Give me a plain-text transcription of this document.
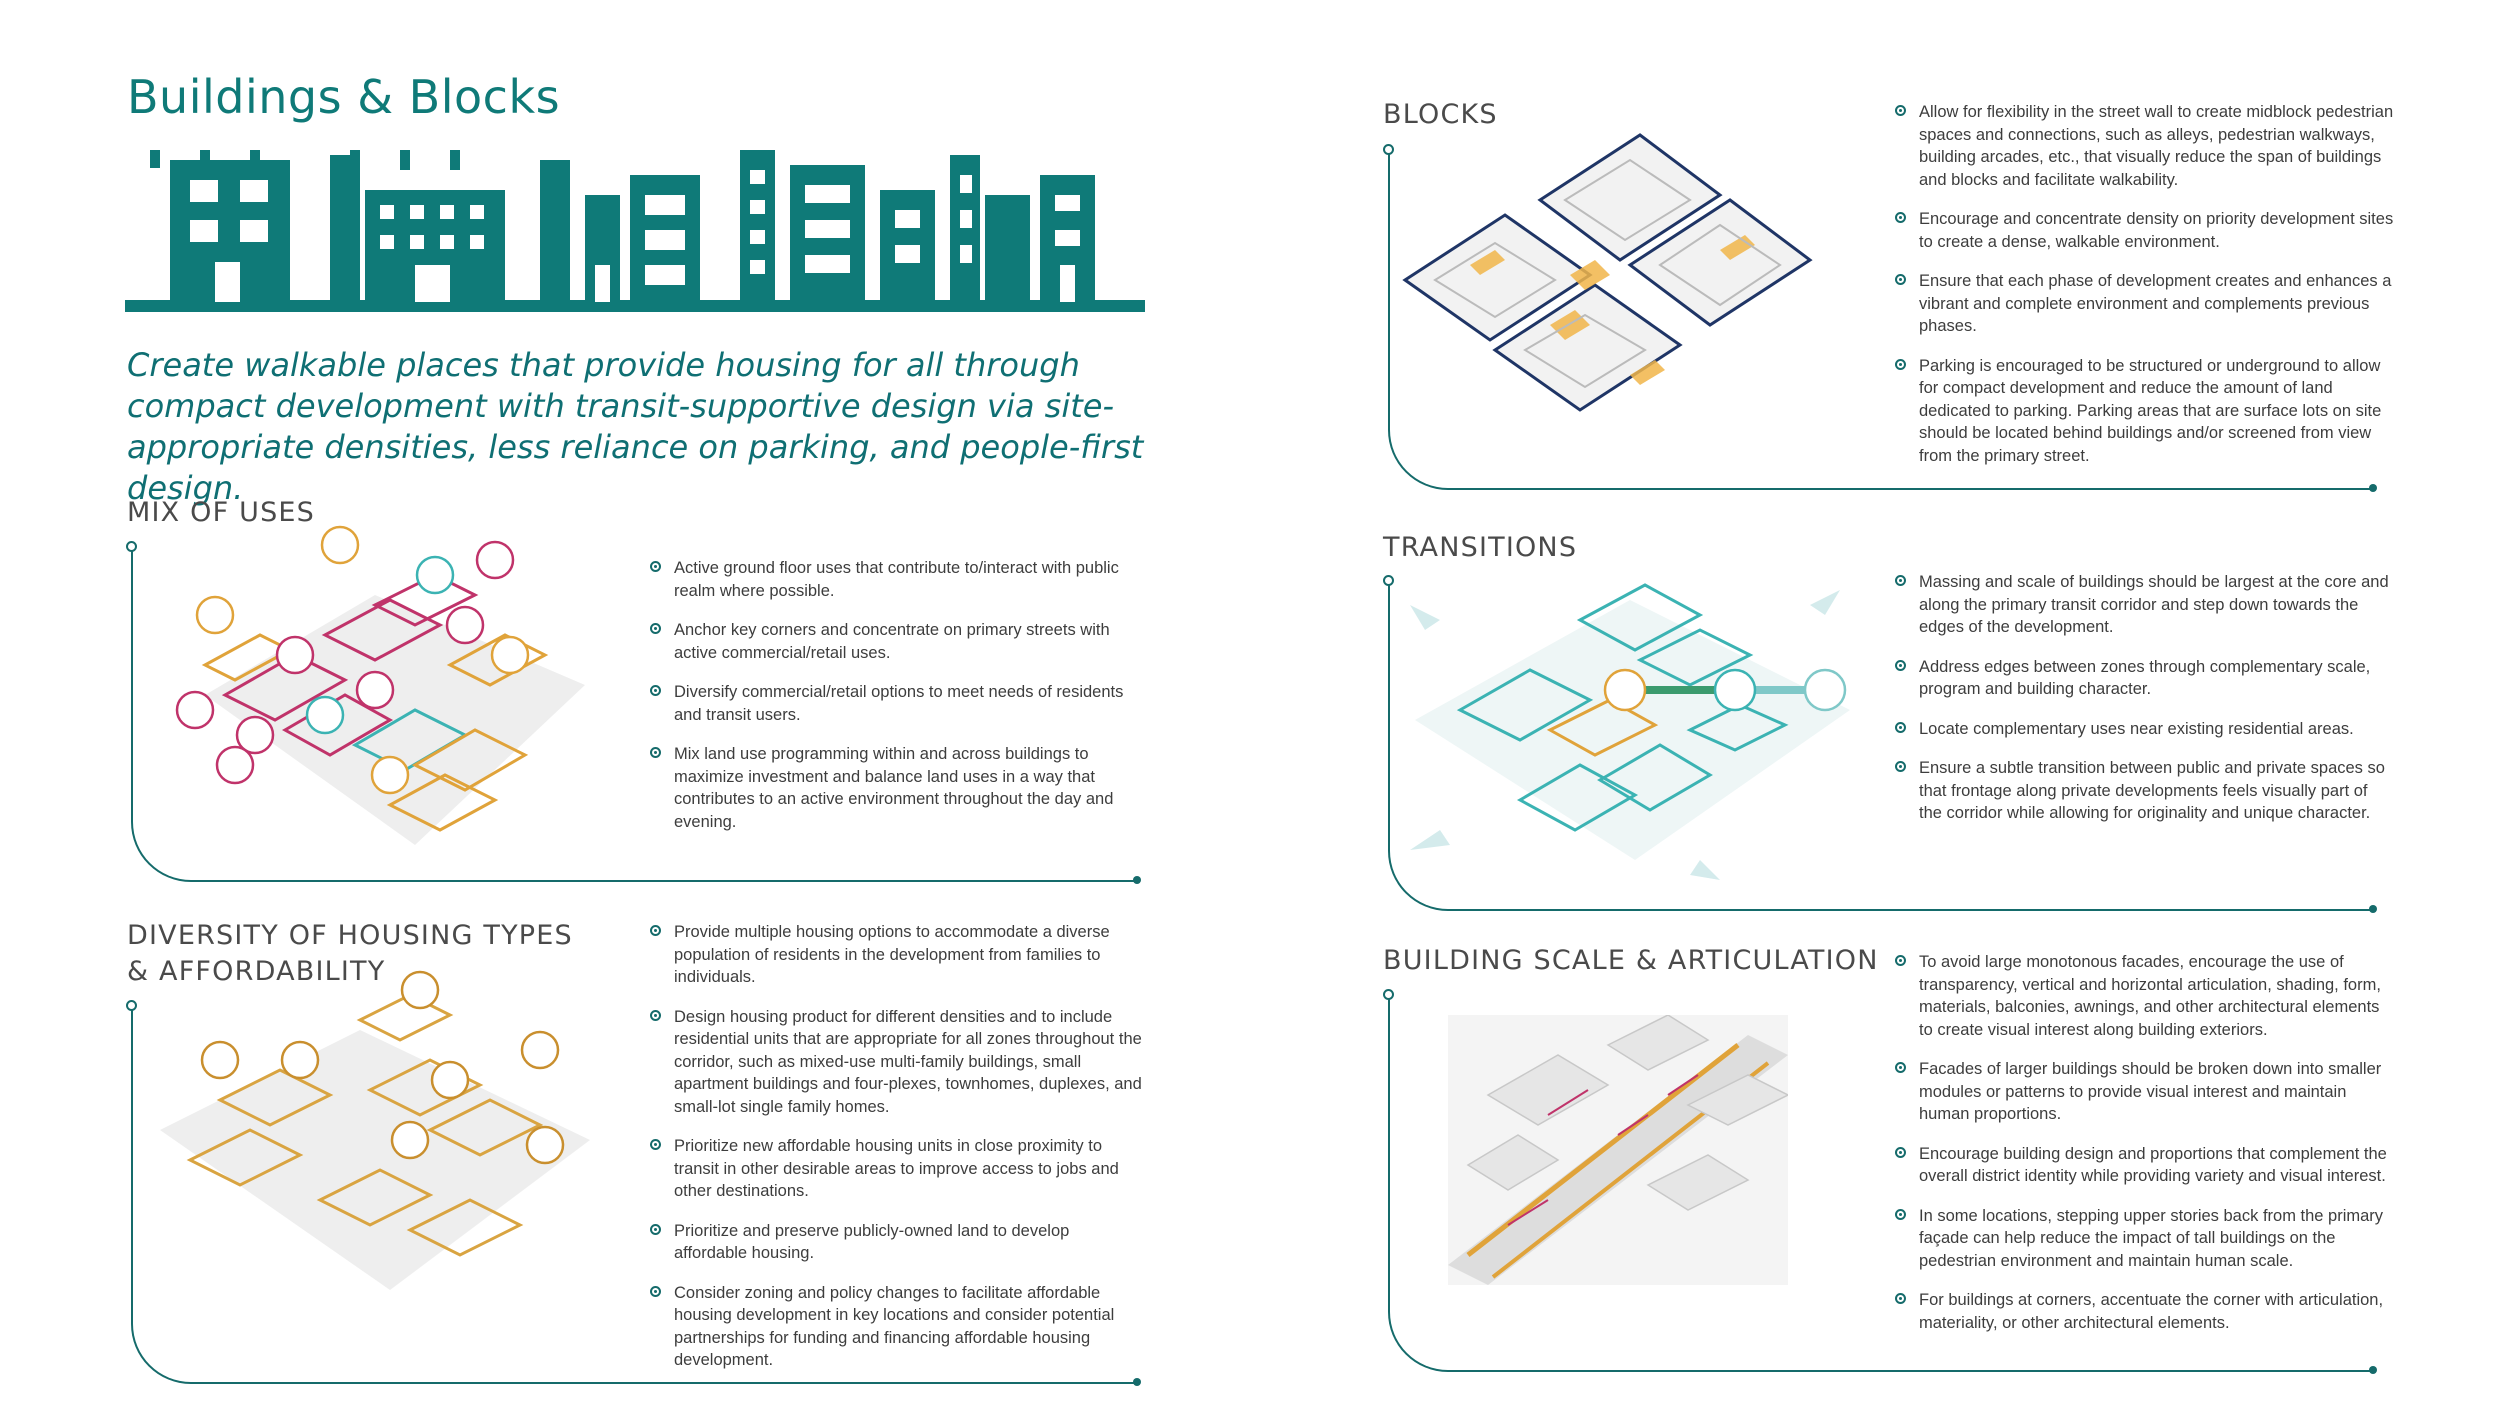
Buildings & Blocks
Create walkable places that provide housing for all through compact development with transit-supportive design via site-appropriate densities, less reliance on parking, and people-first design.
MIX OF USES
Active ground floor uses that contribute to/interact with public realm where possible.
Anchor key corners and concentrate on primary streets with active commercial/retail uses.
Diversify commercial/retail options to meet needs of residents and transit users.
Mix land use programming within and across buildings to maximize investment and balance land uses in a way that contributes to an active environment throughout the day and evening.
DIVERSITY OF HOUSING TYPES
& AFFORDABILITY
Provide multiple housing options to accommodate a diverse population of residents in the development from families to individuals.
Design housing product for different densities and to include residential units that are appropriate for all zones throughout the corridor, such as mixed-use multi-family buildings, small apartment buildings and four-plexes, townhomes, duplexes, and small-lot single family homes.
Prioritize new affordable housing units in close proximity to transit in other desirable areas to improve access to jobs and other destinations.
Prioritize and preserve publicly-owned land to develop affordable housing.
Consider zoning and policy changes to facilitate affordable housing development in key locations and consider potential partnerships for funding and financing affordable housing development.
BLOCKS	Allow for flexibility in the street wall to create midblock pedestrian spaces and connections, such as alleys, pedestrian walkways, building arcades, etc., that visually reduce the span of buildings and blocks and facilitate walkability.
Encourage and concentrate density on priority development sites to create a dense, walkable environment.
Ensure that each phase of development creates and enhances a vibrant and complete environment and complements previous phases.
Parking is encouraged to be structured or underground to allow for compact development and reduce the amount of land dedicated to parking. Parking areas that are surface lots on site should be located behind buildings and/or screened from view from the primary street.
TRANSITIONS
Massing and scale of buildings should be largest at the core and along the primary transit corridor and step down towards the edges of the development.
Address edges between zones through complementary scale, program and building character.
Locate complementary uses near existing residential areas.
Ensure a subtle transition between public and private spaces so that frontage along private developments feels visually part of the corridor while allowing for originality and unique character.
BUILDING SCALE & ARTICULATION	To avoid large monotonous facades, encourage the use of transparency, vertical and horizontal articulation, shading, form, materials, balconies, awnings, and other architectural elements to create visual interest along building exteriors.
Facades of larger buildings should be broken down into smaller modules or patterns to provide visual interest and maintain human proportions.
Encourage building design and proportions that complement the overall district identity while providing variety and visual interest.
In some locations, stepping upper stories back from the primary façade can help reduce the impact of tall buildings on the pedestrian environment and maintain human scale.
For buildings at corners, accentuate the corner with articulation, materiality, or other architectural elements.
